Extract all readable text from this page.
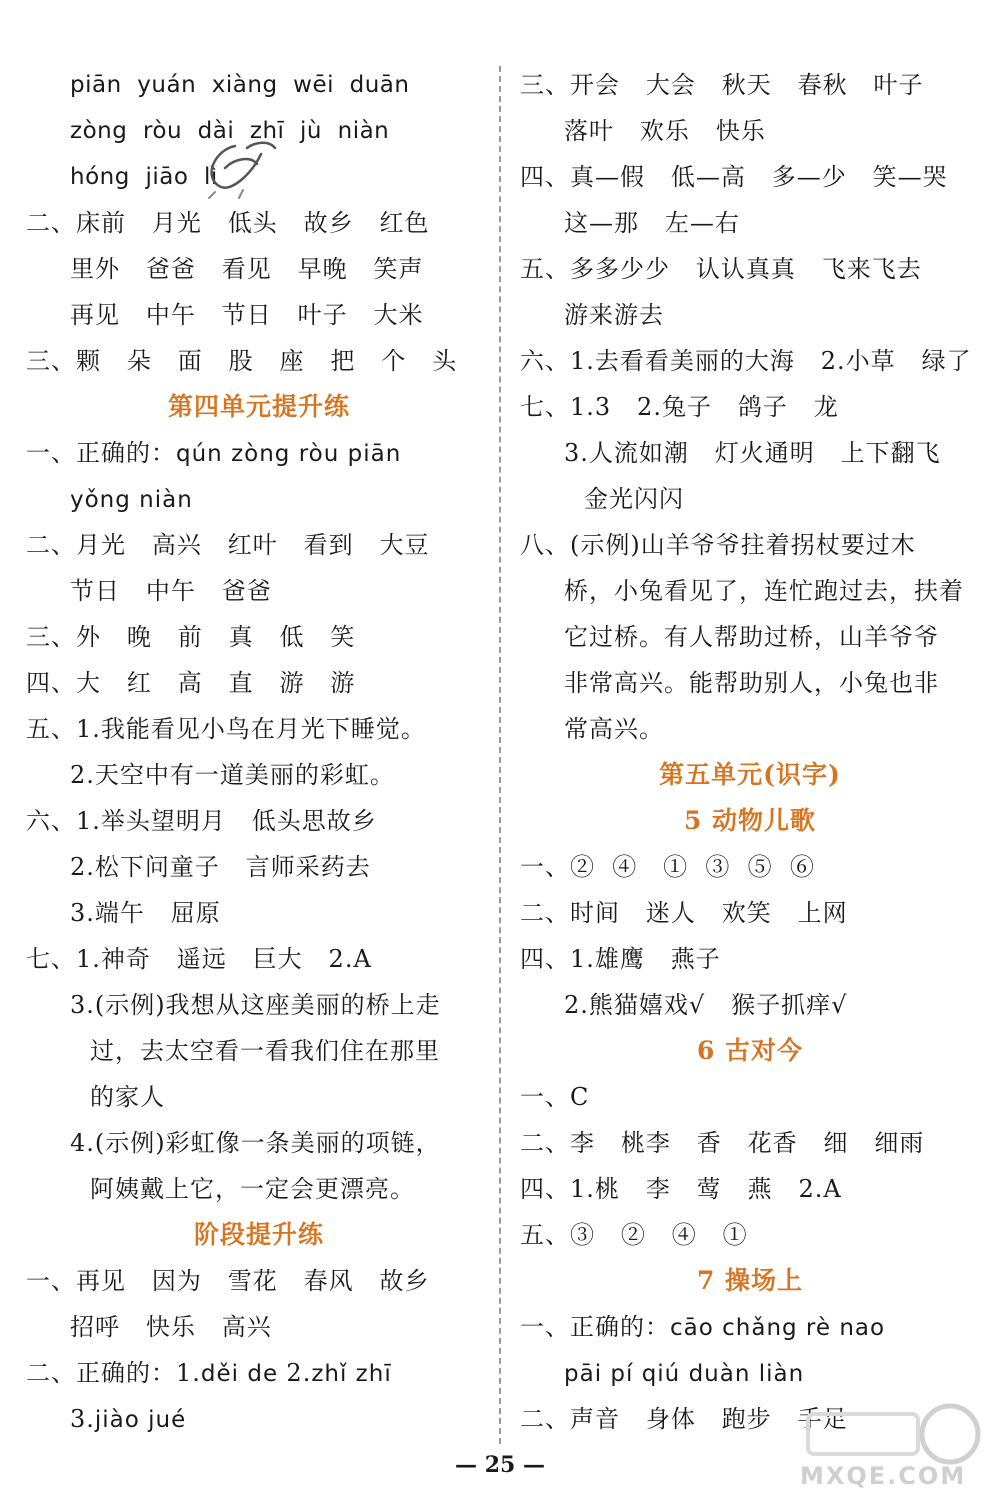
piān  yuán  xiàng  wēi  duān
zòng  ròu  dài  zhī  jù  niàn
hóng  jiāo  lì
二、床前   月光   低头   故乡   红色
里外   爸爸   看见   早晚   笑声
再见   中午   节日   叶子   大米
三、颗   朵   面   股   座   把   个   头
第四单元提升练
一、正确的：qún zòng ròu piān
yǒng niàn
二、月光   高兴   红叶   看到   大豆
节日   中午   爸爸
三、外   晚   前   真   低   笑
四、大   红   高   直   游   游
五、1.我能看见小鸟在月光下睡觉。
2.天空中有一道美丽的彩虹。
六、1.举头望明月   低头思故乡
2.松下问童子   言师采药去
3.端午   屈原
七、1.神奇   遥远   巨大   2.A
3.(示例)我想从这座美丽的桥上走
过，去太空看一看我们住在那里
的家人
4.(示例)彩虹像一条美丽的项链，
阿姨戴上它，一定会更漂亮。
阶段提升练
一、再见   因为   雪花   春风   故乡
招呼   快乐   高兴
二、正确的：1.děi de 2.zhǐ zhī
3.jiào jué
三、开会   大会   秋天   春秋   叶子
落叶   欢乐   快乐
四、真—假   低—高   多—少   笑—哭
这—那   左—右
五、多多少少   认认真真   飞来飞去
游来游去
六、1.去看看美丽的大海   2.小草   绿了
七、1.3   2.兔子   鸽子   龙
3.人流如潮   灯火通明   上下翻飞
金光闪闪
八、(示例)山羊爷爷拄着拐杖要过木
桥，小兔看见了，连忙跑过去，扶着
它过桥。有人帮助过桥，山羊爷爷
非常高兴。能帮助别人，小兔也非
常高兴。
第五单元(识字)
5 动物儿歌
一、②  ④   ①  ③  ⑤  ⑥
二、时间   迷人   欢笑   上网
四、1.雄鹰   燕子
2.熊猫嬉戏√   猴子抓痒√
6 古对今
一、C
二、李   桃李   香   花香   细   细雨
四、1.桃   李   莺   燕   2.A
五、③   ②   ④   ①
7 操场上
一、正确的：cāo chǎng rè nao
pāi pí qiú duàn liàn
二、声音   身体   跑步   手足
MXQE.COM
— 25 —
